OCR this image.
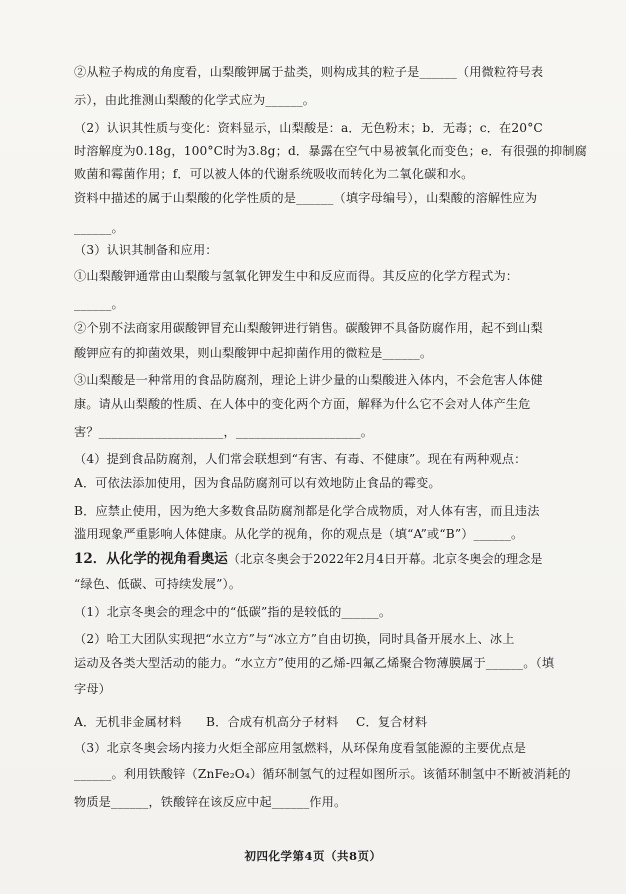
②从粒子构成的角度看，山梨酸钾属于盐类，则构成其的粒子是______（用微粒符号表
示），由此推测山梨酸的化学式应为______。
（2）认识其性质与变化：资料显示，山梨酸是：a．无色粉末；b．无毒；c．在20°C
时溶解度为0.18g，100°C时为3.8g；d．暴露在空气中易被氧化而变色；e．有很强的抑制腐
败菌和霉菌作用；f．可以被人体的代谢系统吸收而转化为二氧化碳和水。
资料中描述的属于山梨酸的化学性质的是______（填字母编号），山梨酸的溶解性应为
______。
（3）认识其制备和应用：
①山梨酸钾通常由山梨酸与氢氧化钾发生中和反应而得。其反应的化学方程式为：
______。
②个别不法商家用碳酸钾冒充山梨酸钾进行销售。碳酸钾不具备防腐作用，起不到山梨
酸钾应有的抑菌效果，则山梨酸钾中起抑菌作用的微粒是______。
③山梨酸是一种常用的食品防腐剂，理论上讲少量的山梨酸进入体内，不会危害人体健
康。请从山梨酸的性质、在人体中的变化两个方面，解释为什么它不会对人体产生危
害？____________________，____________________。
（4）提到食品防腐剂，人们常会联想到“有害、有毒、不健康”。现在有两种观点：
A．可依法添加使用，因为食品防腐剂可以有效地防止食品的霉变。
B．应禁止使用，因为绝大多数食品防腐剂都是化学合成物质，对人体有害，而且违法
滥用现象严重影响人体健康。从化学的视角，你的观点是（填“A”或“B”）______。
12．从化学的视角看奥运（北京冬奥会于2022年2月4日开幕。北京冬奥会的理念是
“绿色、低碳、可持续发展”）。
（1）北京冬奥会的理念中的“低碳”指的是较低的______。
（2）哈工大团队实现把“水立方”与“冰立方”自由切换，同时具备开展水上、冰上
运动及各类大型活动的能力。“水立方”使用的乙烯-四氟乙烯聚合物薄膜属于______。（填
字母）
A．无机非金属材料 B．合成有机高分子材料 C．复合材料
（3）北京冬奥会场内接力火炬全部应用氢燃料，从环保角度看氢能源的主要优点是
______。利用铁酸锌（ZnFe₂O₄）循环制氢气的过程如图所示。该循环制氢中不断被消耗的
物质是______，铁酸锌在该反应中起______作用。
初四化学第4页（共8页）
